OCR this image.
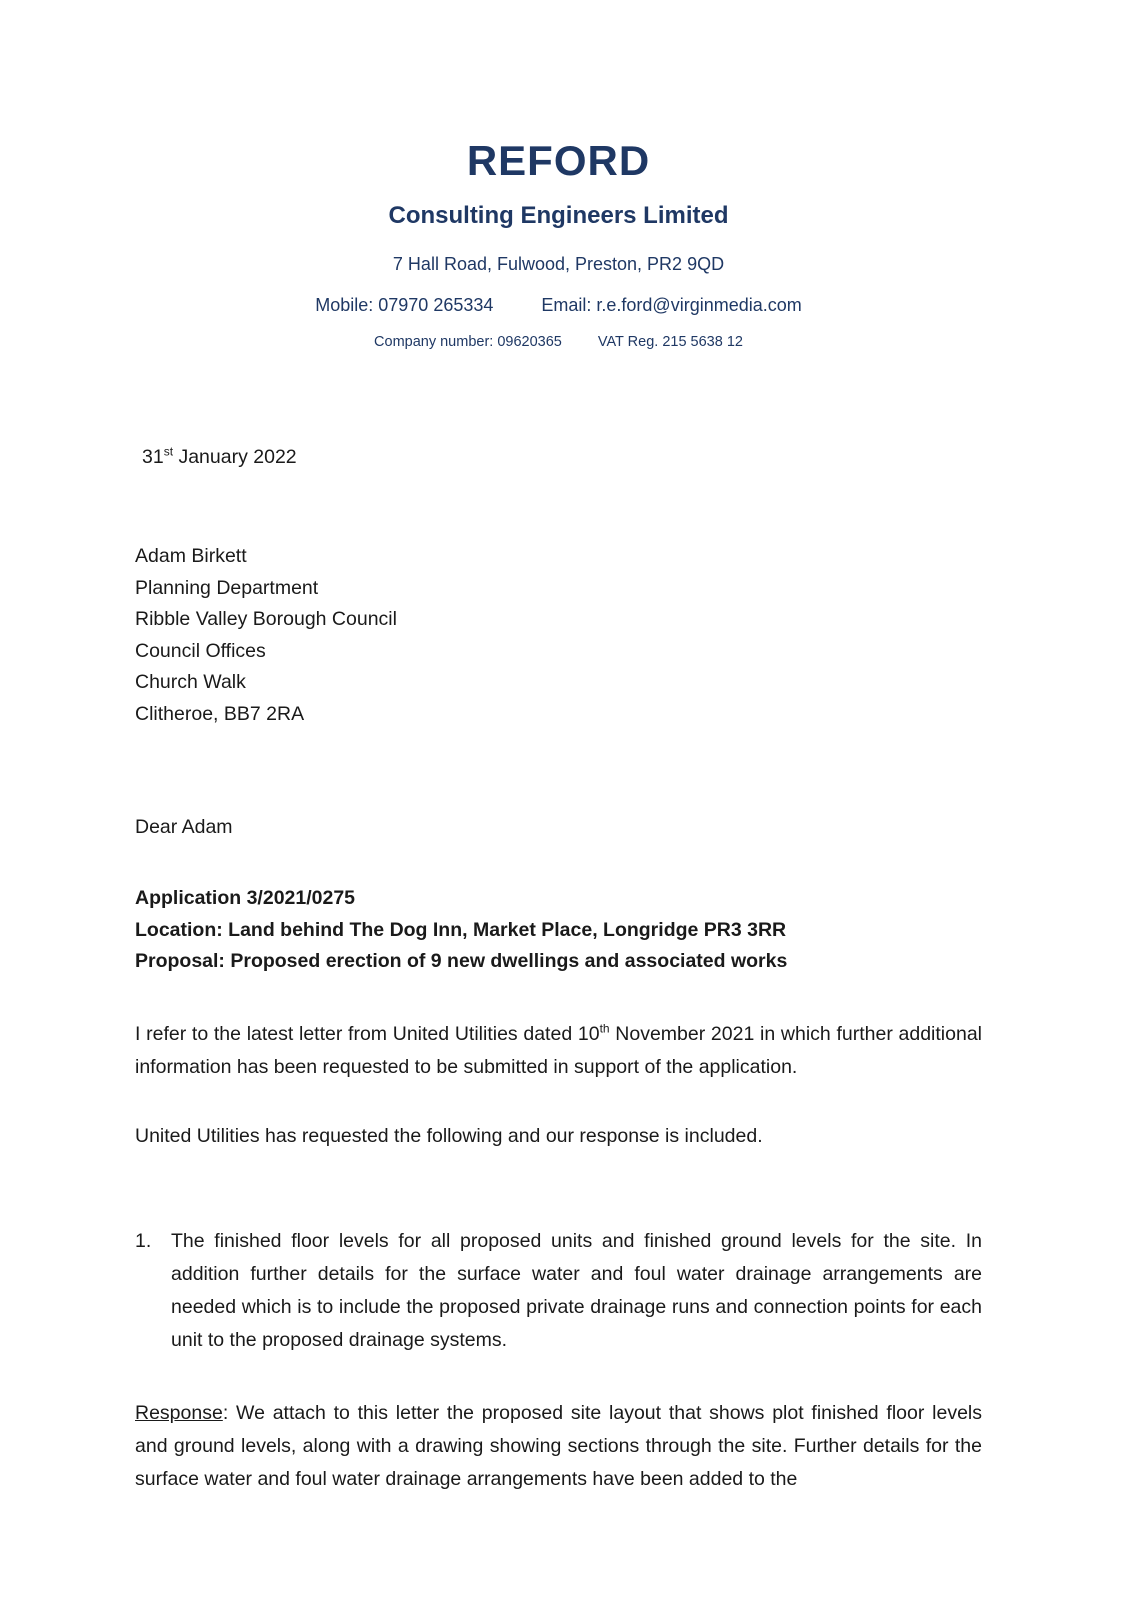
REFORD
Consulting Engineers Limited
7 Hall Road, Fulwood, Preston, PR2 9QD
Mobile: 07970 265334	Email: r.e.ford@virginmedia.com
Company number: 09620365 VAT Reg. 215 5638 12
31st January 2022
Adam Birkett
Planning Department
Ribble Valley Borough Council
Council Offices
Church Walk
Clitheroe, BB7 2RA
Dear Adam
Application 3/2021/0275
Location: Land behind The Dog Inn, Market Place, Longridge PR3 3RR
Proposal: Proposed erection of 9 new dwellings and associated works

I refer to the latest letter from United Utilities dated 10th November 2021 in which further additional information has been requested to be submitted in support of the application.

United Utilities has requested the following and our response is included.

1. The finished floor levels for all proposed units and finished ground levels for the site. In addition further details for the surface water and foul water drainage arrangements are needed which is to include the proposed private drainage runs and connection points for each unit to the proposed drainage systems.

Response: We attach to this letter the proposed site layout that shows plot finished floor levels and ground levels, along with a drawing showing sections through the site. Further details for the surface water and foul water drainage arrangements have been added to the
